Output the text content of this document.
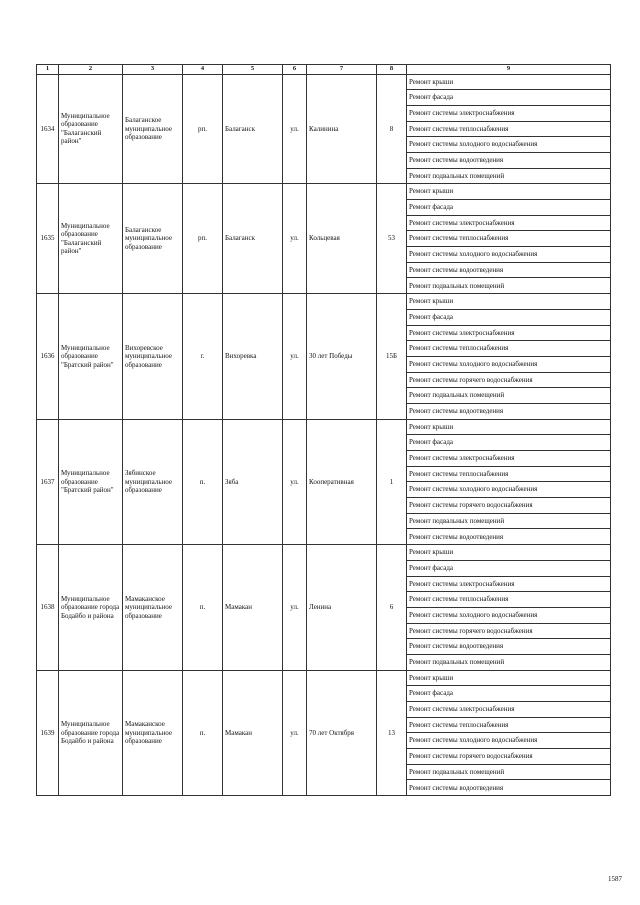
1	2	3	4	5	6	7	8	9
1634	Муниципальное образование "Балаганский район"	Балаганское муниципальное образование	рп.	Балаганск	ул.	Калинина	8	Ремонт крыши
								Ремонт фасада
								Ремонт системы электроснабжения
								Ремонт системы теплоснабжения
								Ремонт системы холодного водоснабжения
								Ремонт системы водоотведения
								Ремонт подвальных помещений
1635	Муниципальное образование "Балаганский район"	Балаганское муниципальное образование	рп.	Балаганск	ул.	Кольцевая	53	Ремонт крыши
								Ремонт фасада
								Ремонт системы электроснабжения
								Ремонт системы теплоснабжения
								Ремонт системы холодного водоснабжения
								Ремонт системы водоотведения
								Ремонт подвальных помещений
1636	Муниципальное образование "Братский район"	Вихоревское муниципальное образование	г.	Вихоревка	ул.	30 лет Победы	15Б	Ремонт крыши
								Ремонт фасада
								Ремонт системы электроснабжения
								Ремонт системы теплоснабжения
								Ремонт системы холодного водоснабжения
								Ремонт системы горячего водоснабжения
								Ремонт подвальных помещений
								Ремонт системы водоотведения
1637	Муниципальное образование "Братский район"	Зябинское муниципальное образование	п.	Зяба	ул.	Кооперативная	1	Ремонт крыши
								Ремонт фасада
								Ремонт системы электроснабжения
								Ремонт системы теплоснабжения
								Ремонт системы холодного водоснабжения
								Ремонт системы горячего водоснабжения
								Ремонт подвальных помещений
								Ремонт системы водоотведения
1638	Муниципальное образование города Бодайбо и района	Мамаканское муниципальное образование	п.	Мамакан	ул.	Ленина	6	Ремонт крыши
								Ремонт фасада
								Ремонт системы электроснабжения
								Ремонт системы теплоснабжения
								Ремонт системы холодного водоснабжения
								Ремонт системы горячего водоснабжения
								Ремонт системы водоотведения
								Ремонт подвальных помещений
1639	Муниципальное образование города Бодайбо и района	Мамаканское муниципальное образование	п.	Мамакан	ул.	70 лет Октября	13	Ремонт крыши
								Ремонт фасада
								Ремонт системы электроснабжения
								Ремонт системы теплоснабжения
								Ремонт системы холодного водоснабжения
								Ремонт системы горячего водоснабжения
								Ремонт подвальных помещений
								Ремонт системы водоотведения
1587
